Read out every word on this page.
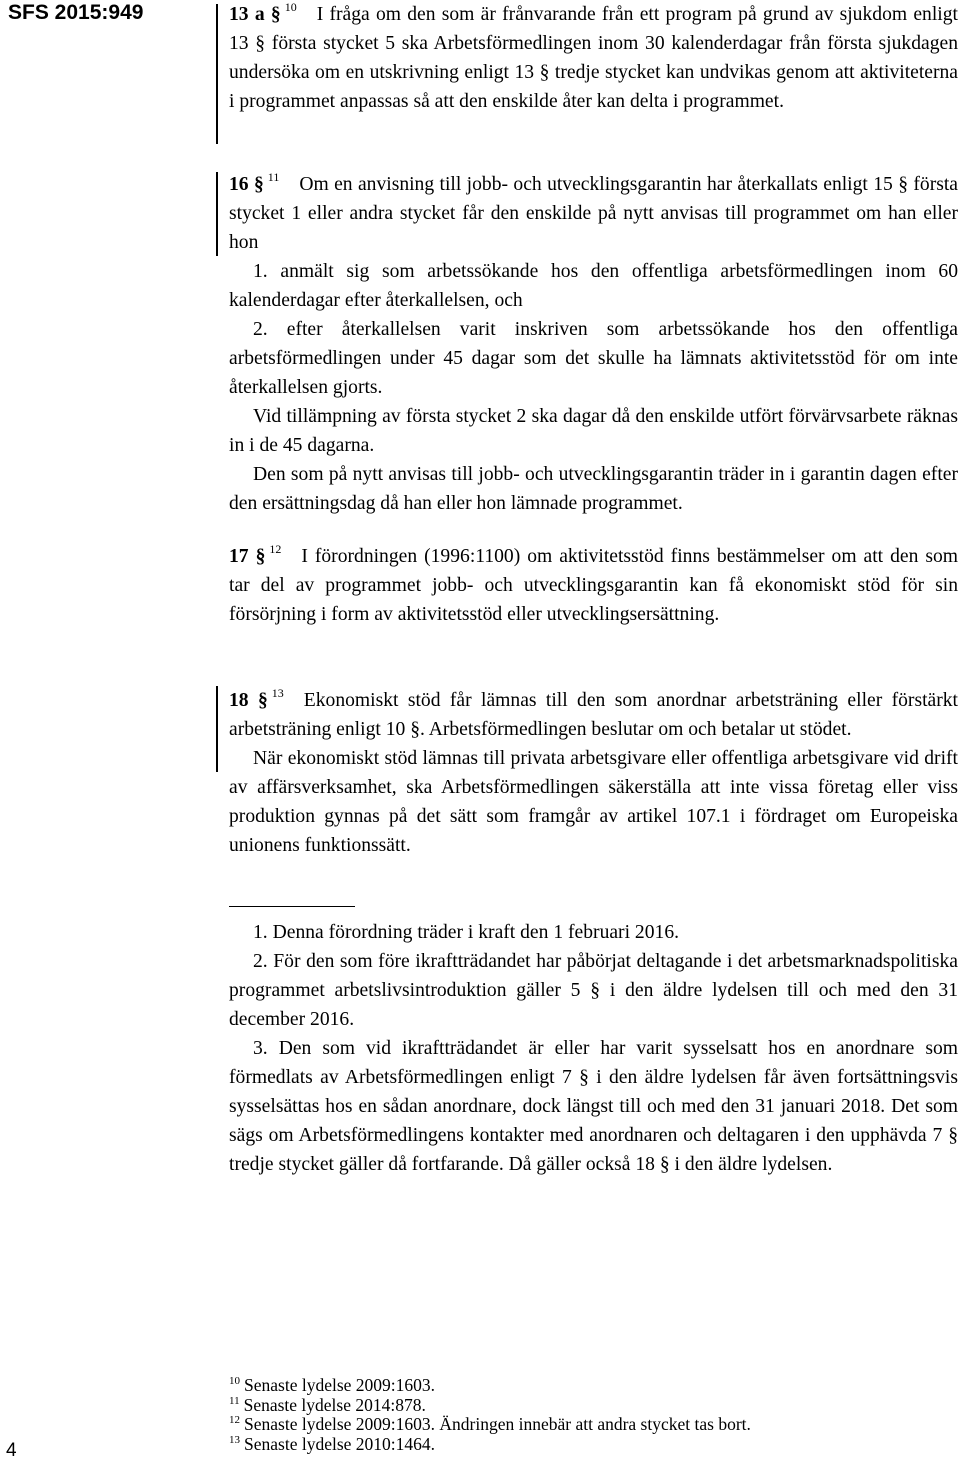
SFS 2015:949	13 a § $^{10}$ I fråga om den som är frånvarande från ett program på grund av sjukdom enligt 13 § första stycket 5 ska Arbetsförmedlingen inom 30 kalenderdagar från första sjukdagen undersöka om en utskrivning enligt 13 § tredje stycket kan undvikas genom att aktiviteterna i programmet anpassas så att den enskilde åter kan delta i programmet.

16 § $^{11}$ Om en anvisning till jobb- och utvecklingsgarantin har återkallats enligt 15 § första stycket 1 eller andra stycket får den enskilde på nytt anvisas till programmet om han eller hon

1. anmält sig som arbetssökande hos den offentliga arbetsförmedlingen inom 60 kalenderdagar efter återkallelsen, och

2. efter återkallelsen varit inskriven som arbetssökande hos den offentliga arbetsförmedlingen under 45 dagar som det skulle ha lämnats aktivitetsstöd för om inte återkallelsen gjorts.

Vid tillämpning av första stycket 2 ska dagar då den enskilde utfört förvärvsarbete räknas in i de 45 dagarna.

Den som på nytt anvisas till jobb- och utvecklingsgarantin träder in i garantin dagen efter den ersättningsdag då han eller hon lämnade programmet.

17 § $^{12}$ I förordningen (1996:1100) om aktivitetsstöd finns bestämmelser om att den som tar del av programmet jobb- och utvecklingsgarantin kan få ekonomiskt stöd för sin försörjning i form av aktivitetsstöd eller utvecklingsersättning.

18 § $^{13}$ Ekonomiskt stöd får lämnas till den som anordnar arbetsträning eller förstärkt arbetsträning enligt 10 §. Arbetsförmedlingen beslutar om och betalar ut stödet.

När ekonomiskt stöd lämnas till privata arbetsgivare eller offentliga arbetsgivare vid drift av affärsverksamhet, ska Arbetsförmedlingen säkerställa att inte vissa företag eller viss produktion gynnas på det sätt som framgår av artikel 107.1 i fördraget om Europeiska unionens funktionssätt.

1. Denna förordning träder i kraft den 1 februari 2016.

2. För den som före ikraftträdandet har påbörjat deltagande i det arbetsmarknadspolitiska programmet arbetslivsintroduktion gäller 5 § i den äldre lydelsen till och med den 31 december 2016.

3. Den som vid ikraftträdandet är eller har varit sysselsatt hos en anordnare som förmedlats av Arbetsförmedlingen enligt 7 § i den äldre lydelsen får även fortsättningsvis sysselsättas hos en sådan anordnare, dock längst till och med den 31 januari 2018. Det som sägs om Arbetsförmedlingens kontakter med anordnaren och deltagaren i den upphävda 7 § tredje stycket gäller då fortfarande. Då gäller också 18 § i den äldre lydelsen.

$^{10}$ Senaste lydelse 2009:1603.
$^{11}$ Senaste lydelse 2014:878.
$^{12}$ Senaste lydelse 2009:1603. Ändringen innebär att andra stycket tas bort.
$^{13}$ Senaste lydelse 2010:1464.
4
